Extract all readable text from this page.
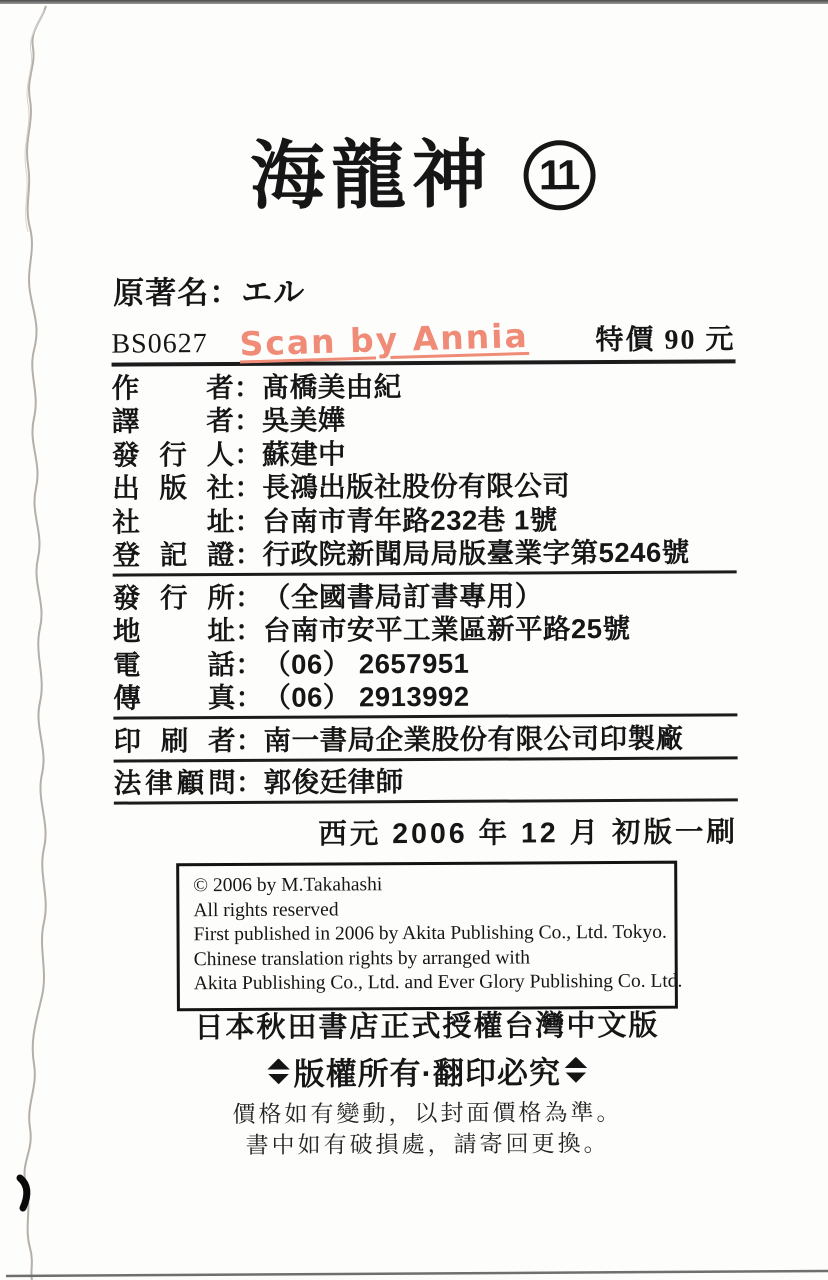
海龍神	11
原著名：エル
BS0627 Scan by Annia 特價 90 元
作者 ： 髙橋美由紀
譯者 ： 吳美嬅
發行人 ： 蘇建中
出版社 ： 長鴻出版社股份有限公司
社址 ： 台南市青年路232巷 1號
登記證 ： 行政院新聞局局版臺業字第5246號
發行所 ： （全國書局訂書專用）
地址 ： 台南市安平工業區新平路25號
電話 ： （06） 2657951
傳真 ： （06） 2913992
印刷者 ： 南一書局企業股份有限公司印製廠
法律顧問 ： 郭俊廷律師
西元 2006 年 12 月 初版一刷
© 2006 by M.Takahashi
All rights reserved
First published in 2006 by Akita Publishing Co., Ltd. Tokyo.
Chinese translation rights by arranged with
Akita Publishing Co., Ltd. and Ever Glory Publishing Co. Ltd.
日本秋田書店正式授權台灣中文版
版權所有·翻印必究
價格如有變動，以封面價格為準。
書中如有破損處，請寄回更換。
